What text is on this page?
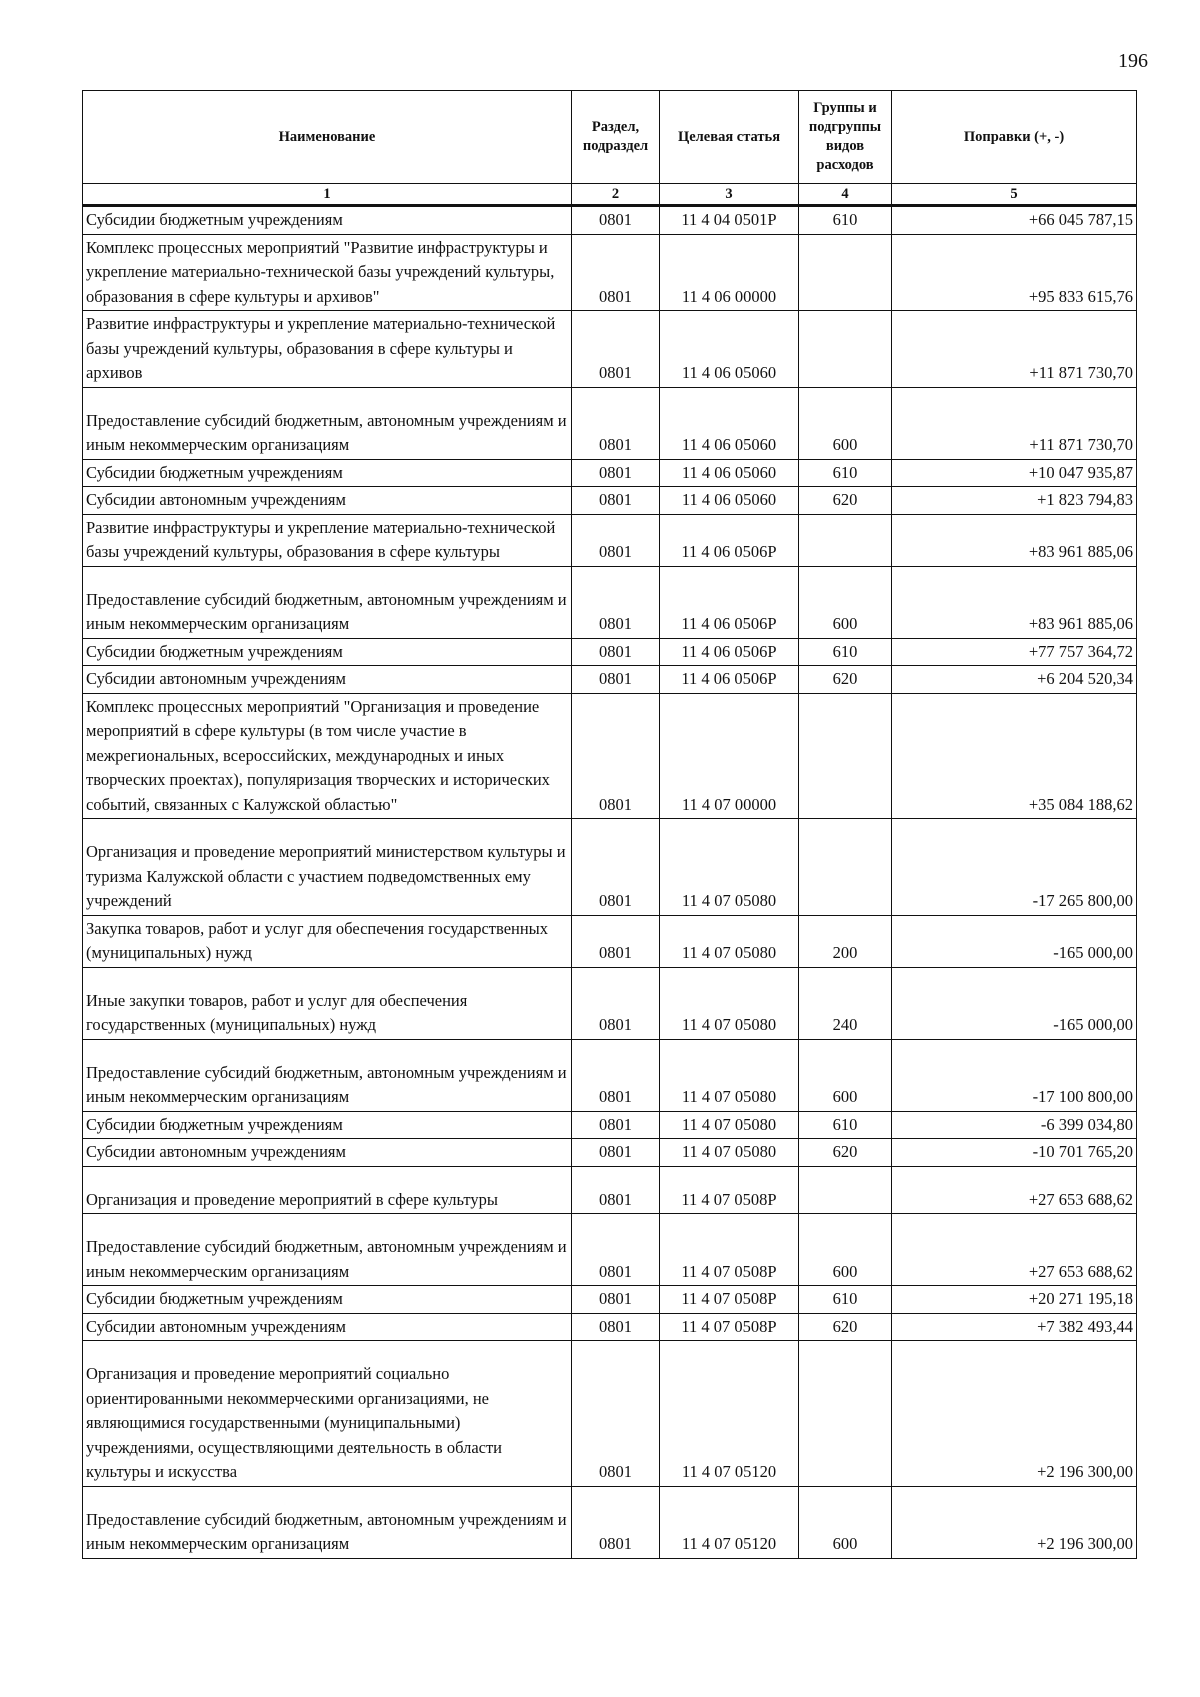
196
Наименование	Раздел, подраздел	Целевая статья	Группы и подгруппы видов расходов	Поправки (+, -)
1	2	3	4	5
Субсидии бюджетным учреждениям	0801	11 4 04 0501Р	610	+66 045 787,15
Комплекс процессных мероприятий "Развитие инфраструктуры и укрепление материально-технической базы учреждений культуры, образования в сфере культуры и архивов"	0801	11 4 06 00000		+95 833 615,76
Развитие инфраструктуры и укрепление материально-технической базы учреждений культуры, образования в сфере культуры и архивов	0801	11 4 06 05060		+11 871 730,70
Предоставление субсидий бюджетным, автономным учреждениям и иным некоммерческим организациям	0801	11 4 06 05060	600	+11 871 730,70
Субсидии бюджетным учреждениям	0801	11 4 06 05060	610	+10 047 935,87
Субсидии автономным учреждениям	0801	11 4 06 05060	620	+1 823 794,83
Развитие инфраструктуры и укрепление материально-технической базы учреждений культуры, образования в сфере культуры	0801	11 4 06 0506Р		+83 961 885,06
Предоставление субсидий бюджетным, автономным учреждениям и иным некоммерческим организациям	0801	11 4 06 0506Р	600	+83 961 885,06
Субсидии бюджетным учреждениям	0801	11 4 06 0506Р	610	+77 757 364,72
Субсидии автономным учреждениям	0801	11 4 06 0506Р	620	+6 204 520,34
Комплекс процессных мероприятий "Организация и проведение мероприятий в сфере культуры (в том числе участие в межрегиональных, всероссийских, международных и иных творческих проектах), популяризация творческих и исторических событий, связанных с Калужской областью"	0801	11 4 07 00000		+35 084 188,62
Организация и проведение мероприятий министерством культуры и туризма Калужской области с участием подведомственных ему учреждений	0801	11 4 07 05080		-17 265 800,00
Закупка товаров, работ и услуг для обеспечения государственных (муниципальных) нужд	0801	11 4 07 05080	200	-165 000,00
Иные закупки товаров, работ и услуг для обеспечения государственных (муниципальных) нужд	0801	11 4 07 05080	240	-165 000,00
Предоставление субсидий бюджетным, автономным учреждениям и иным некоммерческим организациям	0801	11 4 07 05080	600	-17 100 800,00
Субсидии бюджетным учреждениям	0801	11 4 07 05080	610	-6 399 034,80
Субсидии автономным учреждениям	0801	11 4 07 05080	620	-10 701 765,20
Организация и проведение мероприятий в сфере культуры	0801	11 4 07 0508Р		+27 653 688,62
Предоставление субсидий бюджетным, автономным учреждениям и иным некоммерческим организациям	0801	11 4 07 0508Р	600	+27 653 688,62
Субсидии бюджетным учреждениям	0801	11 4 07 0508Р	610	+20 271 195,18
Субсидии автономным учреждениям	0801	11 4 07 0508Р	620	+7 382 493,44
Организация и проведение мероприятий социально ориентированными некоммерческими организациями, не являющимися государственными (муниципальными) учреждениями, осуществляющими деятельность в области культуры и искусства	0801	11 4 07 05120		+2 196 300,00
Предоставление субсидий бюджетным, автономным учреждениям и иным некоммерческим организациям	0801	11 4 07 05120	600	+2 196 300,00
